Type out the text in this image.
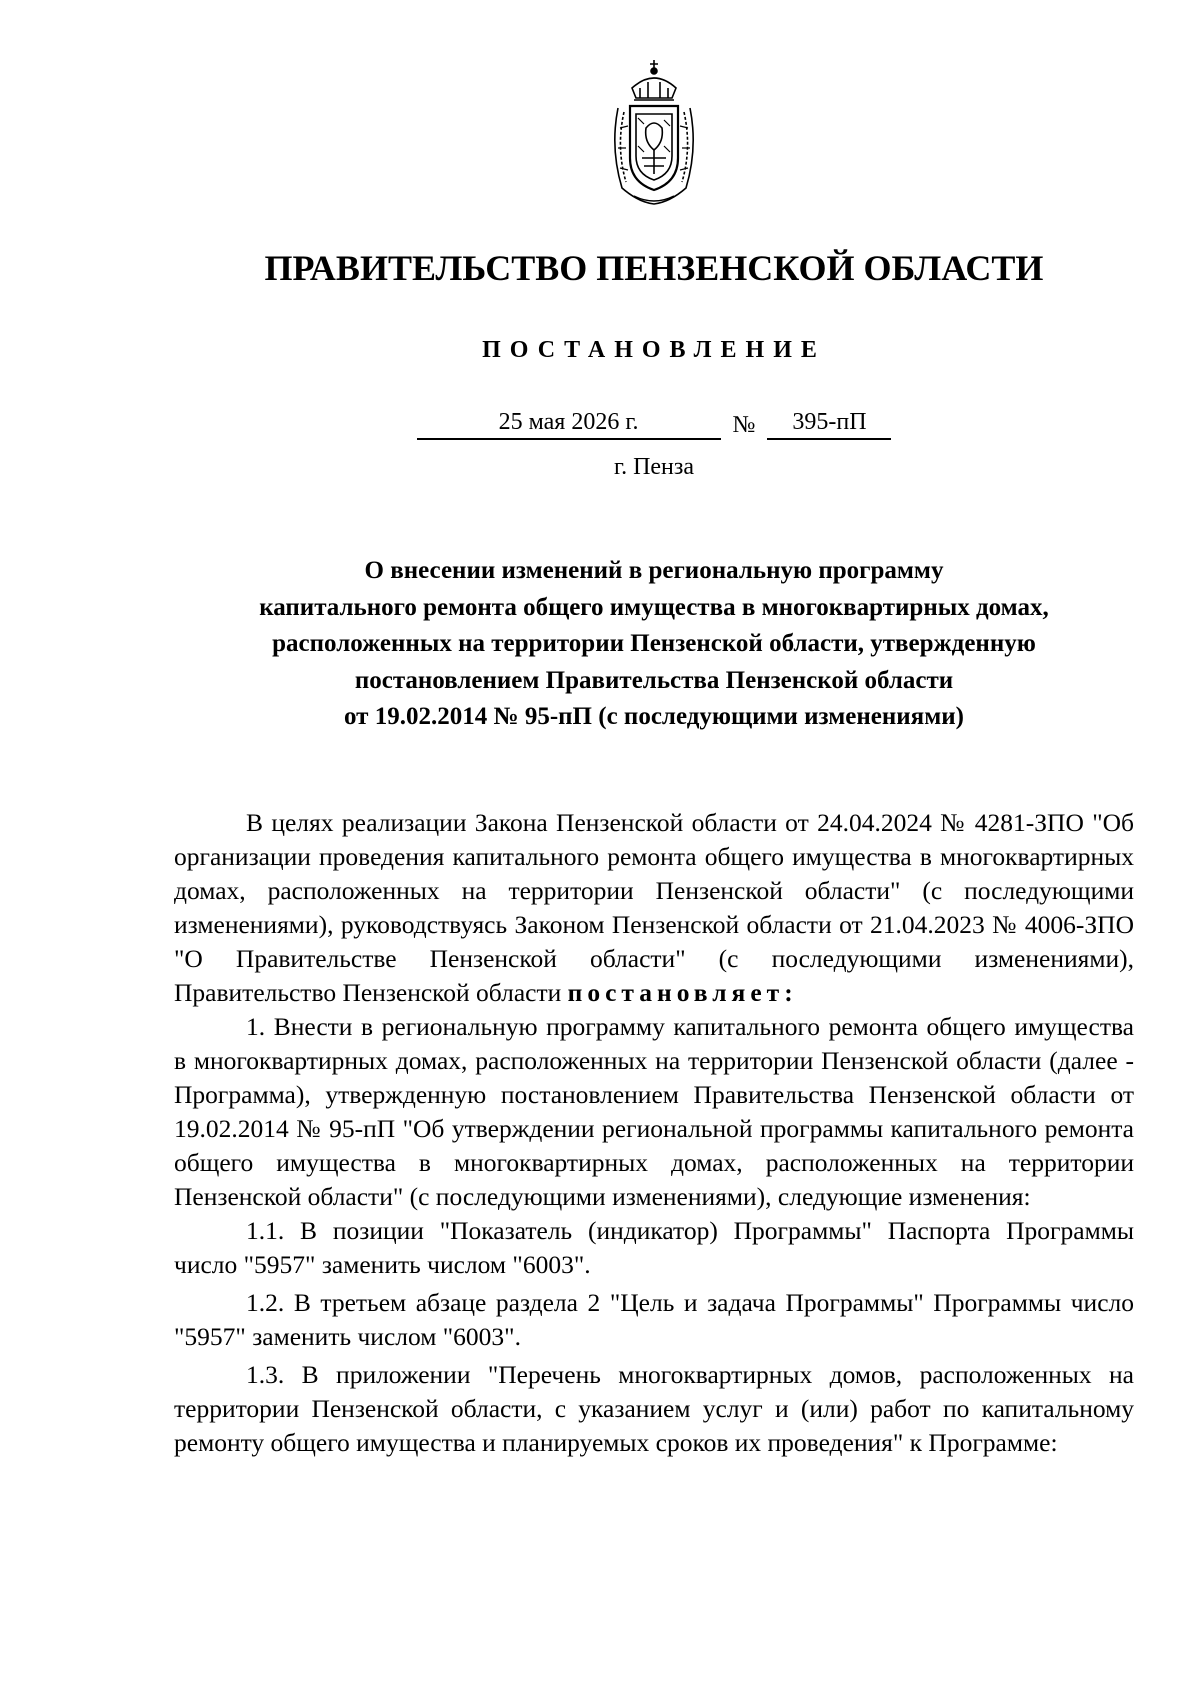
ПРАВИТЕЛЬСТВО ПЕНЗЕНСКОЙ ОБЛАСТИ
ПОСТАНОВЛЕНИЕ
25 мая 2026 г.	№	395-пП

г. Пенза

О внесении изменений в региональную программу
капитального ремонта общего имущества в многоквартирных домах,
расположенных на территории Пензенской области, утвержденную
постановлением Правительства Пензенской области
от 19.02.2014 № 95-пП (с последующими изменениями)

В целях реализации Закона Пензенской области от 24.04.2024 № 4281-ЗПО "Об организации проведения капитального ремонта общего имущества в многоквартирных домах, расположенных на территории Пензенской области" (с последующими изменениями), руководствуясь Законом Пензенской области от 21.04.2023 № 4006-ЗПО "О Правительстве Пензенской области" (с последующими изменениями), Правительство Пензенской области постановляет:

1. Внести в региональную программу капитального ремонта общего имущества в многоквартирных домах, расположенных на территории Пензенской области (далее - Программа), утвержденную постановлением Правительства Пензенской области от 19.02.2014 № 95-пП "Об утверждении региональной программы капитального ремонта общего имущества в многоквартирных домах, расположенных на территории Пензенской области" (с последующими изменениями), следующие изменения:

1.1. В позиции "Показатель (индикатор) Программы" Паспорта Программы число "5957" заменить числом "6003".

1.2. В третьем абзаце раздела 2 "Цель и задача Программы" Программы число "5957" заменить числом "6003".

1.3. В приложении "Перечень многоквартирных домов, расположенных на территории Пензенской области, с указанием услуг и (или) работ по капитальному ремонту общего имущества и планируемых сроков их проведения" к Программе:
